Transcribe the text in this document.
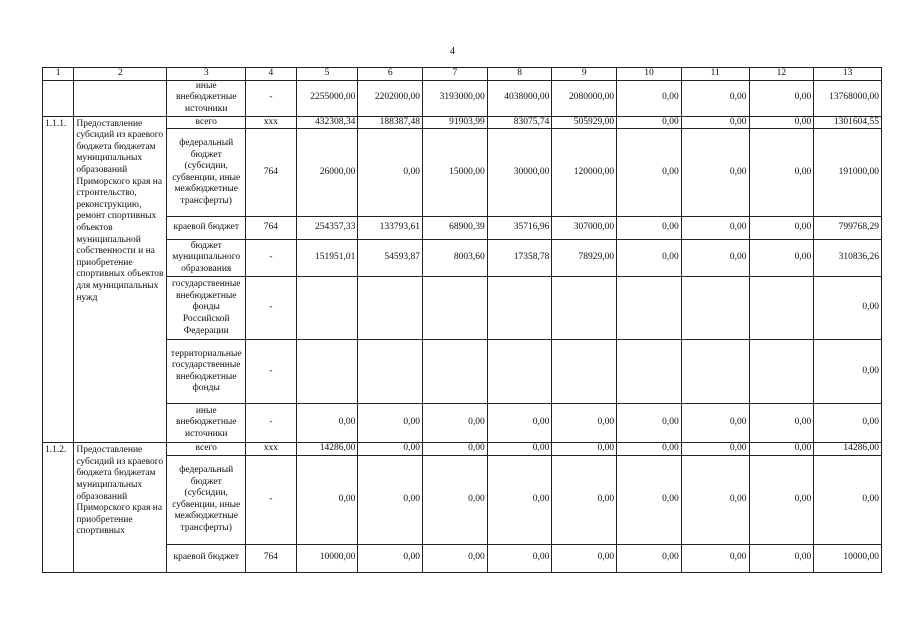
4
1	2	3	4	5	6	7	8	9	10	11	12	13
		иные внебюджетные источники	-	2255000,00	2202000,00	3193000,00	4038000,00	2080000,00	0,00	0,00	0,00	13768000,00
1.1.1.	Предоставление субсидий из краевого бюджета бюджетам муниципальных образований Приморского края на строительство, реконструкцию, ремонт спортивных объектов муниципальной собственности и на приобретение спортивных объектов для муниципальных нужд	всего	xxx	432308,34	188387,48	91903,99	83075,74	505929,00	0,00	0,00	0,00	1301604,55
		федеральный бюджет (субсидии, субвенции, иные межбюджетные трансферты)	764	26000,00	0,00	15000,00	30000,00	120000,00	0,00	0,00	0,00	191000,00
		краевой бюджет	764	254357,33	133793,61	68900,39	35716,96	307000,00	0,00	0,00	0,00	799768,29
		бюджет муниципального образования	-	151951,01	54593,87	8003,60	17358,78	78929,00	0,00	0,00	0,00	310836,26
		государственные внебюджетные фонды Российской Федерации	-									0,00
		территориальные государственные внебюджетные фонды	-									0,00
		иные внебюджетные источники	-	0,00	0,00	0,00	0,00	0,00	0,00	0,00	0,00	0,00
1.1.2.	Предоставление субсидий из краевого бюджета бюджетам муниципальных образований Приморского края на приобретение спортивных	всего	xxx	14286,00	0,00	0,00	0,00	0,00	0,00	0,00	0,00	14286,00
		федеральный бюджет (субсидии, субвенции, иные межбюджетные трансферты)	-	0,00	0,00	0,00	0,00	0,00	0,00	0,00	0,00	0,00
		краевой бюджет	764	10000,00	0,00	0,00	0,00	0,00	0,00	0,00	0,00	10000,00
